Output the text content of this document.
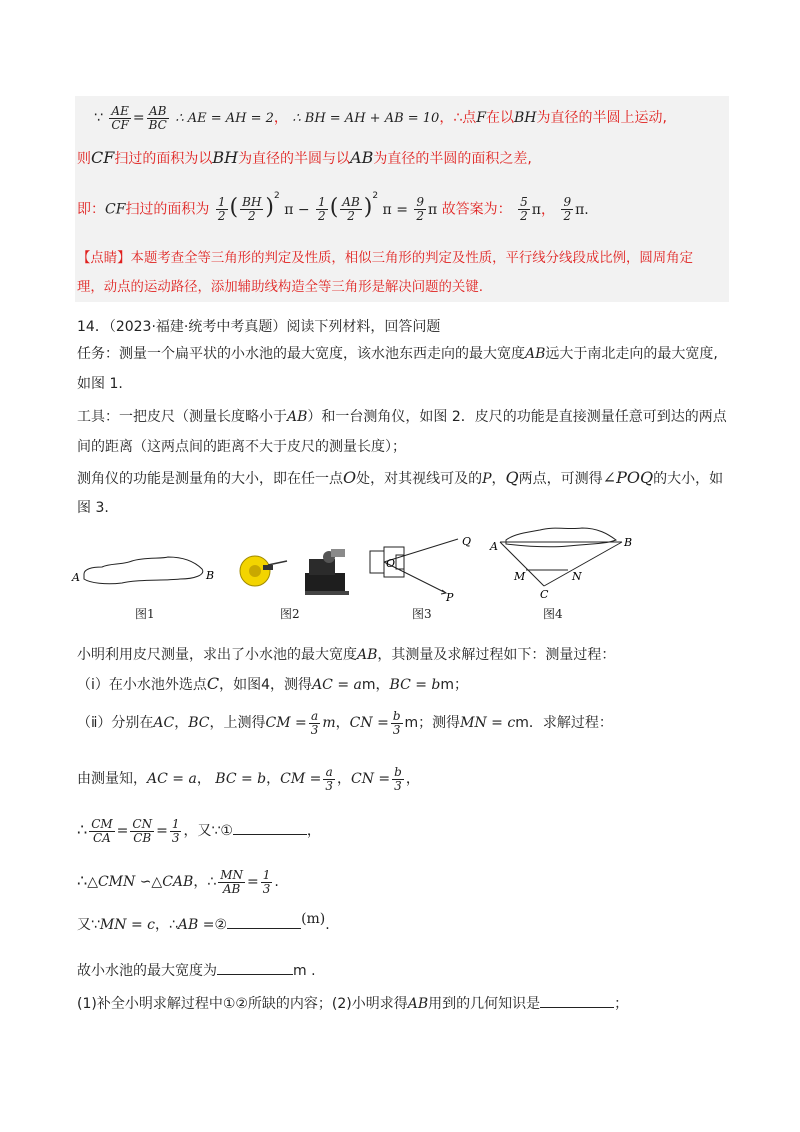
∵ $\frac{AE}{CF} = \frac{AB}{BC}$ ∴ AE = AH = 2， ∴ BH = AH + AB = 10，∴点F在以BH为直径的半圆上运动,
则CF扫过的面积为以BH为直径的半圆与以AB为直径的半圆的面积之差,
即：CF扫过的面积为 $\frac{1}{2}$ ( $\frac{BH}{2} )^2$ $\pi - \frac{1}{2}$ ( $\frac{AB}{2} )^2$ $\pi = \frac{9}{2}$ π 故答案为： $\frac{5}{2}$ π， $\frac{9}{2} \pi$.
【点睛】本题考查全等三角形的判定及性质，相似三角形的判定及性质，平行线分线段成比例，圆周角定
理，动点的运动路径，添加辅助线构造全等三角形是解决问题的关键.
14．（2023·福建·统考中考真题）阅读下列材料，回答问题
任务：测量一个扁平状的小水池的最大宽度，该水池东西走向的最大宽度AB远大于南北走向的最大宽度,
如图 1.
工具：一把皮尺（测量长度略小于AB）和一台测角仪，如图 2．皮尺的功能是直接测量任意可到达的两点
间的距离（这两点间的距离不大于皮尺的测量长度）；
测角仪的功能是测量角的大小，即在任一点O处，对其视线可及的P，Q两点，可测得∠POQ的大小，如
图 3.
A	B
图1	图2
O
Q
P
图3
A	B
M	N
C
图4
小明利用皮尺测量，求出了小水池的最大宽度AB，其测量及求解过程如下：测量过程：
（ⅰ）在小水池外选点C，如图4，测得AC = am，BC = bm；
（ⅱ）分别在AC，BC，上测得CM = $\frac{a}{3}$ m，CN = $\frac{b}{3}$ m；测得MN = cm．求解过程：
由测量知，AC = a， BC = b，CM = $\frac{a}{3}$ ，CN = $\frac{b}{3}$ ，
∴ $\frac{CM}{CA} = \frac{CN}{CB} = \frac{1}{3}$ ，又∵①	，
∴△CMN ∽△CAB，∴ $\frac{MN}{AB} = \frac{1}{3}$ .
又∵MN = c，∴AB =②	(m).
故小水池的最大宽度为	m .
(1)补全小明求解过程中①②所缺的内容；(2)小明求得AB用到的几何知识是	；
